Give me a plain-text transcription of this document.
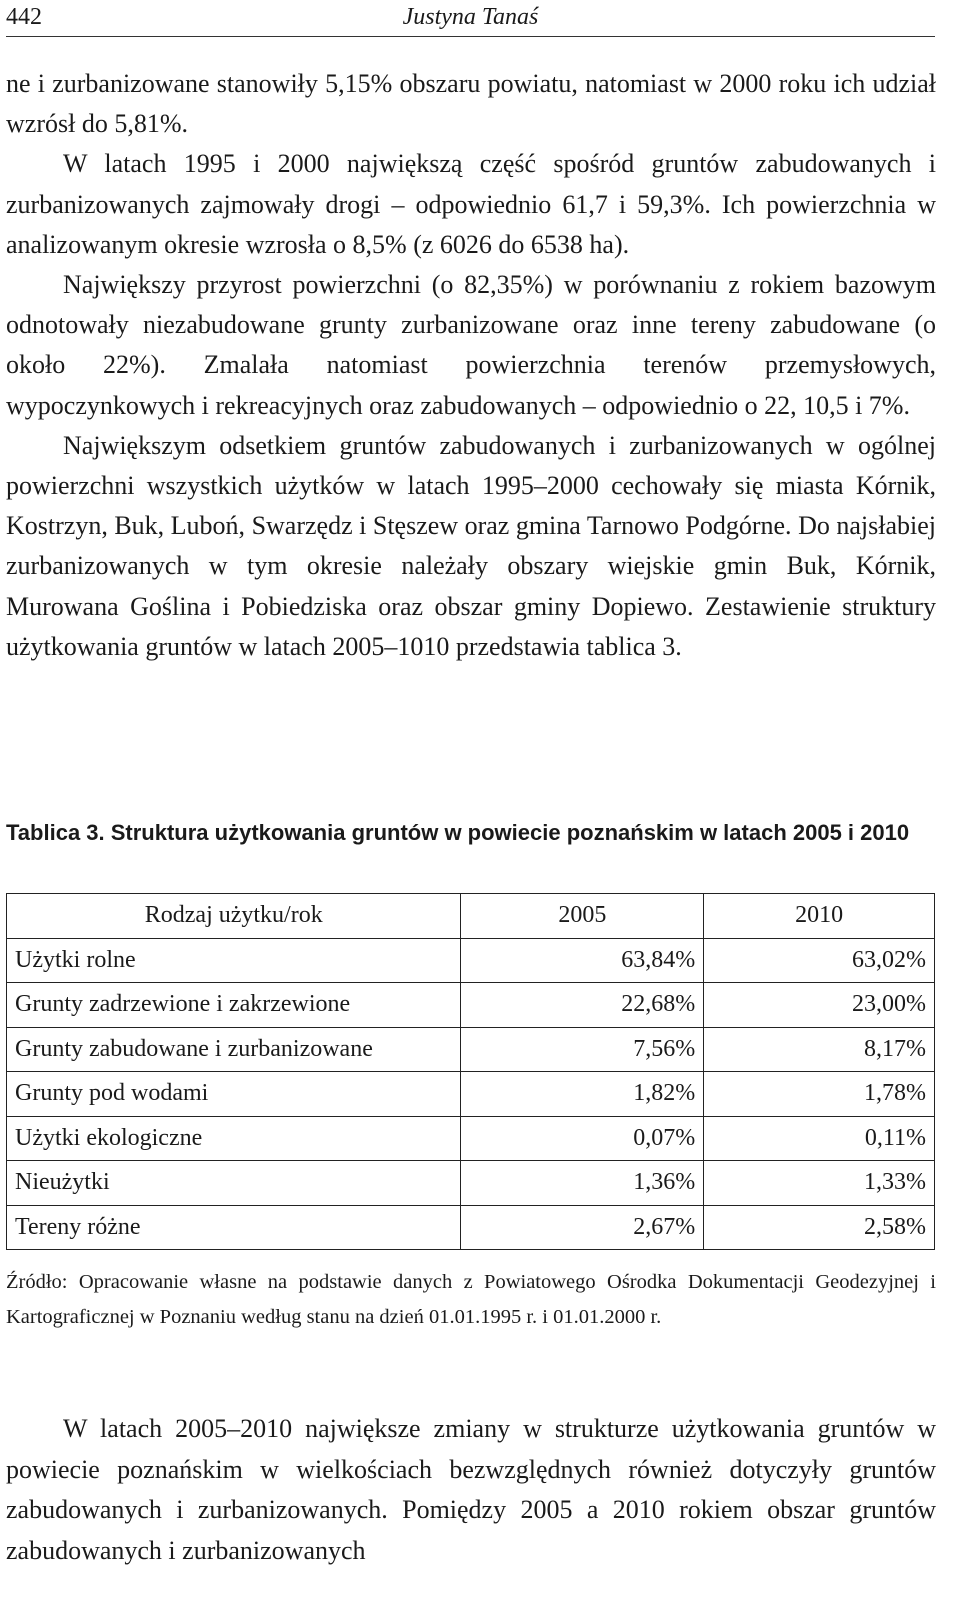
442	Justyna Tanaś

ne i zurbanizowane stanowiły 5,15% obszaru powiatu, natomiast w 2000 roku ich udział wzrósł do 5,81%.

W latach 1995 i 2000 największą część spośród gruntów zabudowanych i zurbanizowanych zajmowały drogi – odpowiednio 61,7 i 59,3%. Ich powierzchnia w analizowanym okresie wzrosła o 8,5% (z 6026 do 6538 ha).

Największy przyrost powierzchni (o 82,35%) w porównaniu z rokiem bazowym odnotowały niezabudowane grunty zurbanizowane oraz inne tereny zabudowane (o około 22%). Zmalała natomiast powierzchnia terenów przemysłowych, wypoczynkowych i rekreacyjnych oraz zabudowanych – odpowiednio o 22, 10,5 i 7%.

Największym odsetkiem gruntów zabudowanych i zurbanizowanych w ogólnej powierzchni wszystkich użytków w latach 1995–2000 cechowały się miasta Kórnik, Kostrzyn, Buk, Luboń, Swarzędz i Stęszew oraz gmina Tarnowo Podgórne. Do najsłabiej zurbanizowanych w tym okresie należały obszary wiejskie gmin Buk, Kórnik, Murowana Goślina i Pobiedziska oraz obszar gminy Dopiewo. Zestawienie struktury użytkowania gruntów w latach 2005–1010 przedstawia tablica 3.

Tablica 3. Struktura użytkowania gruntów w powiecie poznańskim w latach 2005 i 2010
Rodzaj użytku/rok	2005	2010
Użytki rolne	63,84%	63,02%
Grunty zadrzewione i zakrzewione	22,68%	23,00%
Grunty zabudowane i zurbanizowane	7,56%	8,17%
Grunty pod wodami	1,82%	1,78%
Użytki ekologiczne	0,07%	0,11%
Nieużytki	1,36%	1,33%
Tereny różne	2,67%	2,58%
Źródło: Opracowanie własne na podstawie danych z Powiatowego Ośrodka Dokumentacji Geodezyjnej i Kartograficznej w Poznaniu według stanu na dzień 01.01.1995 r. i 01.01.2000 r.

W latach 2005–2010 największe zmiany w strukturze użytkowania gruntów w powiecie poznańskim w wielkościach bezwzględnych również dotyczyły gruntów zabudowanych i zurbanizowanych. Pomiędzy 2005 a 2010 rokiem obszar gruntów zabudowanych i zurbanizowanych
